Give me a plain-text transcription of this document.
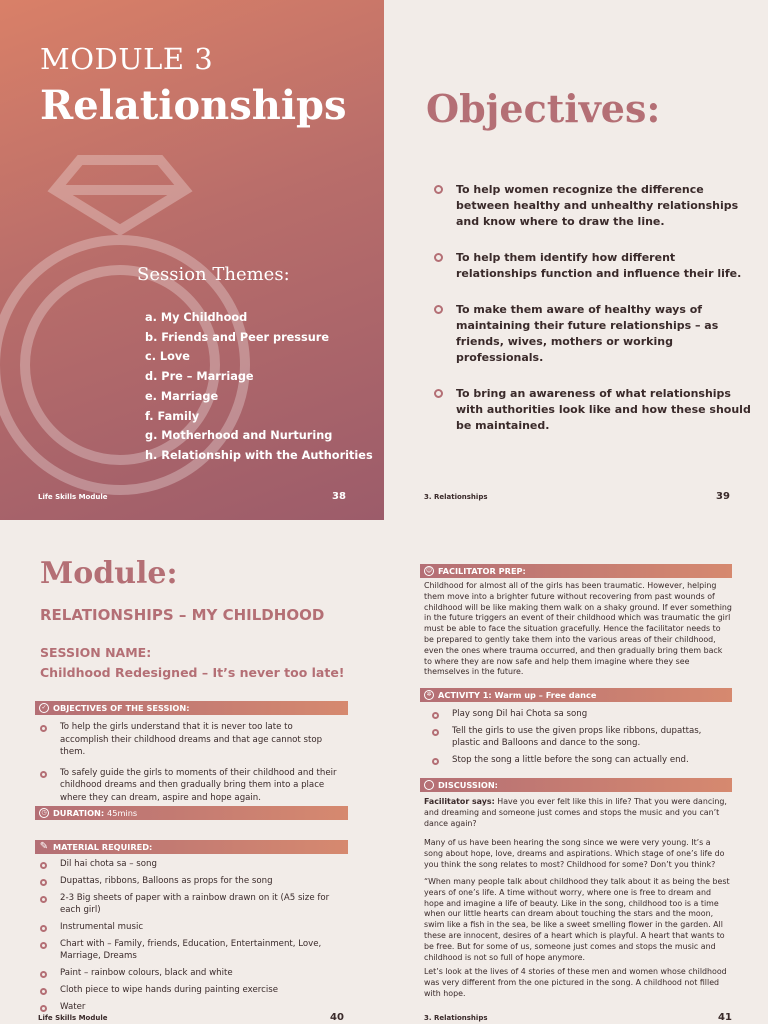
MODULE 3
Relationships
Session Themes:
a. My Childhood
b. Friends and Peer pressure
c. Love
d. Pre – Marriage
e. Marriage
f. Family
g. Motherhood and Nurturing
h. Relationship with the Authorities
Life Skills Module	38
Objectives:
To help women recognize the difference between healthy and unhealthy relationships and know where to draw the line.
To help them identify how different relationships function and influence their life.
To make them aware of healthy ways of maintaining their future relationships – as friends, wives, mothers or working professionals.
To bring an awareness of what relationships with authorities look like and how these should be maintained.
3. Relationships	39
Module:
RELATIONSHIPS – MY CHILDHOOD
SESSION NAME:
Childhood Redesigned – It’s never too late!
✓ OBJECTIVES OF THE SESSION:
To help the girls understand that it is never too late to accomplish their childhood dreams and that age cannot stop them.
To safely guide the girls to moments of their childhood and their childhood dreams and then gradually bring them into a place where they can dream, aspire and hope again.
◷ DURATION: 45mins
✎ MATERIAL REQUIRED:
Dil hai chota sa – song
Dupattas, ribbons, Balloons as props for the song
2-3 Big sheets of paper with a rainbow drawn on it (A5 size for each girl)
Instrumental music
Chart with – Family, friends, Education, Entertainment, Love, Marriage, Dreams
Paint – rainbow colours, black and white
Cloth piece to wipe hands during painting exercise
Water
Life Skills Module	40
☺ FACILITATOR PREP:

Childhood for almost all of the girls has been traumatic. However, helping them move into a brighter future without recovering from past wounds of childhood will be like making them walk on a shaky ground. If ever something in the future triggers an event of their childhood which was traumatic the girl must be able to face the situation gracefully. Hence the facilitator needs to be prepared to gently take them into the various areas of their childhood, even the ones where trauma occurred, and then gradually bring them back to where they are now safe and help them imagine where they see themselves in the future.

✲ ACTIVITY 1: Warm up – Free dance
Play song Dil hai Chota sa song
Tell the girls to use the given props like ribbons, dupattas, plastic and Balloons and dance to the song.
Stop the song a little before the song can actually end.
DISCUSSION:

Facilitator says: Have you ever felt like this in life? That you were dancing, and dreaming and someone just comes and stops the music and you can’t dance again?

Many of us have been hearing the song since we were very young. It’s a song about hope, love, dreams and aspirations. Which stage of one’s life do you think the song relates to most? Childhood for some? Don’t you think?

“When many people talk about childhood they talk about it as being the best years of one’s life. A time without worry, where one is free to dream and hope and imagine a life of beauty. Like in the song, childhood too is a time when our little hearts can dream about touching the stars and the moon, swim like a fish in the sea, be like a sweet smelling flower in the garden. All these are innocent, desires of a heart which is playful. A heart that wants to be free. But for some of us, someone just comes and stops the music and childhood is not so full of hope anymore.

Let’s look at the lives of 4 stories of these men and women whose childhood was very different from the one pictured in the song. A childhood not filled with hope.

3. Relationships	41
